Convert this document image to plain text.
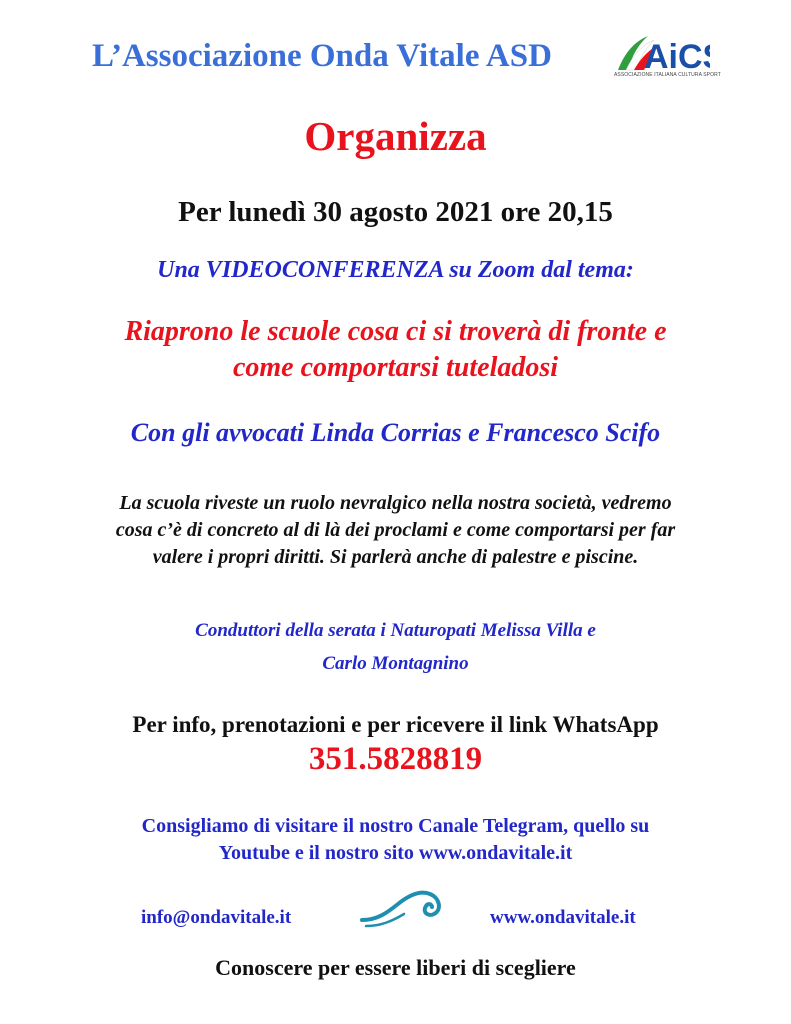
L’Associazione Onda Vitale ASD	AiC
ASSOCIAZIONE ITALIANA CULTURA SPORT

Organizza

Per lunedì 30 agosto 2021 ore 20,15

Una VIDEOCONFERENZA su Zoom dal tema:

Riaprono le scuole cosa ci si troverà di fronte e
come comportarsi tuteladosi

Con gli avvocati Linda Corrias e Francesco Scifo

La scuola riveste un ruolo nevralgico nella nostra società, vedremo
cosa c’è di concreto al di là dei proclami e come comportarsi per far
valere i propri diritti. Si parlerà anche di palestre e piscine.
Conduttori della serata i Naturopati Melissa Villa e
Carlo Montagnino

Per info, prenotazioni e per ricevere il link WhatsApp

351.5828819

Consigliamo di visitare il nostro Canale Telegram, quello su
Youtube e il nostro sito www.ondavitale.it
info@ondavitale.it	www.ondavitale.it

Conoscere per essere liberi di scegliere
